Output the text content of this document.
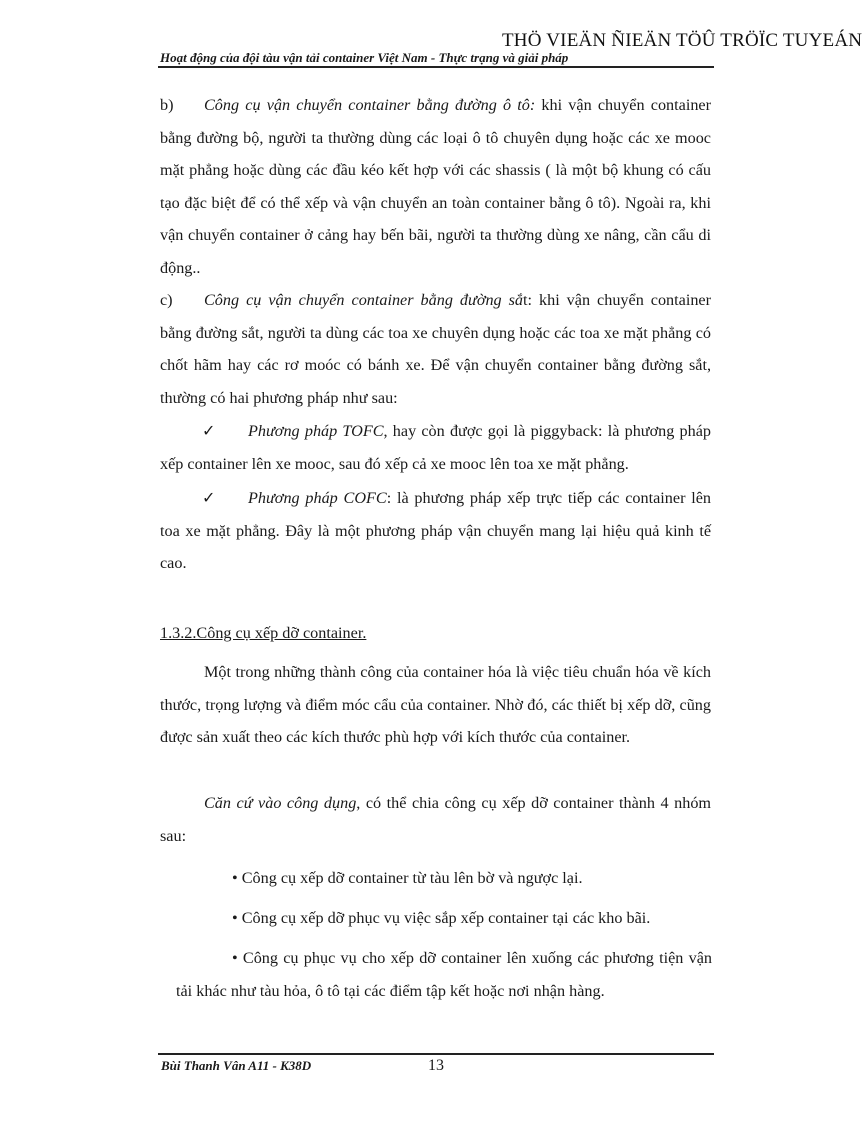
THÖ VIEÄN ÑIEÄN TÖÛ TRÖÏC TUYEÁN
Hoạt động của đội tàu vận tải container Việt Nam - Thực trạng và giải pháp

b) Công cụ vận chuyển container bằng đường ô tô: khi vận chuyển container bằng đường bộ, người ta thường dùng các loại ô tô chuyên dụng hoặc các xe mooc mặt phẳng hoặc dùng các đầu kéo kết hợp với các shassis ( là một bộ khung có cấu tạo đặc biệt để có thể xếp và vận chuyển an toàn container bằng ô tô). Ngoài ra, khi vận chuyển container ở cảng hay bến bãi, người ta thường dùng xe nâng, cần cẩu di động..

c) Công cụ vận chuyển container bằng đường sắt: khi vận chuyển container bằng đường sắt, người ta dùng các toa xe chuyên dụng hoặc các toa xe mặt phẳng có chốt hãm hay các rơ moóc có bánh xe. Để vận chuyển container bằng đường sắt, thường có hai phương pháp như sau:

✓ Phương pháp TOFC, hay còn được gọi là piggyback: là phương pháp xếp container lên xe mooc, sau đó xếp cả xe mooc lên toa xe mặt phẳng.

✓ Phương pháp COFC: là phương pháp xếp trực tiếp các container lên toa xe mặt phẳng. Đây là một phương pháp vận chuyển mang lại hiệu quả kinh tế cao.

1.3.2.Công cụ xếp dỡ container.

Một trong những thành công của container hóa là việc tiêu chuẩn hóa về kích thước, trọng lượng và điểm móc cẩu của container. Nhờ đó, các thiết bị xếp dỡ, cũng được sản xuất theo các kích thước phù hợp với kích thước của container.

Căn cứ vào công dụng, có thể chia công cụ xếp dỡ container thành 4 nhóm sau:

• Công cụ xếp dỡ container từ tàu lên bờ và ngược lại.

• Công cụ xếp dỡ phục vụ việc sắp xếp container tại các kho bãi.

• Công cụ phục vụ cho xếp dỡ container lên xuống các phương tiện vận tải khác như tàu hỏa, ô tô tại các điểm tập kết hoặc nơi nhận hàng.

Bùi Thanh Vân A11 - K38D	13
